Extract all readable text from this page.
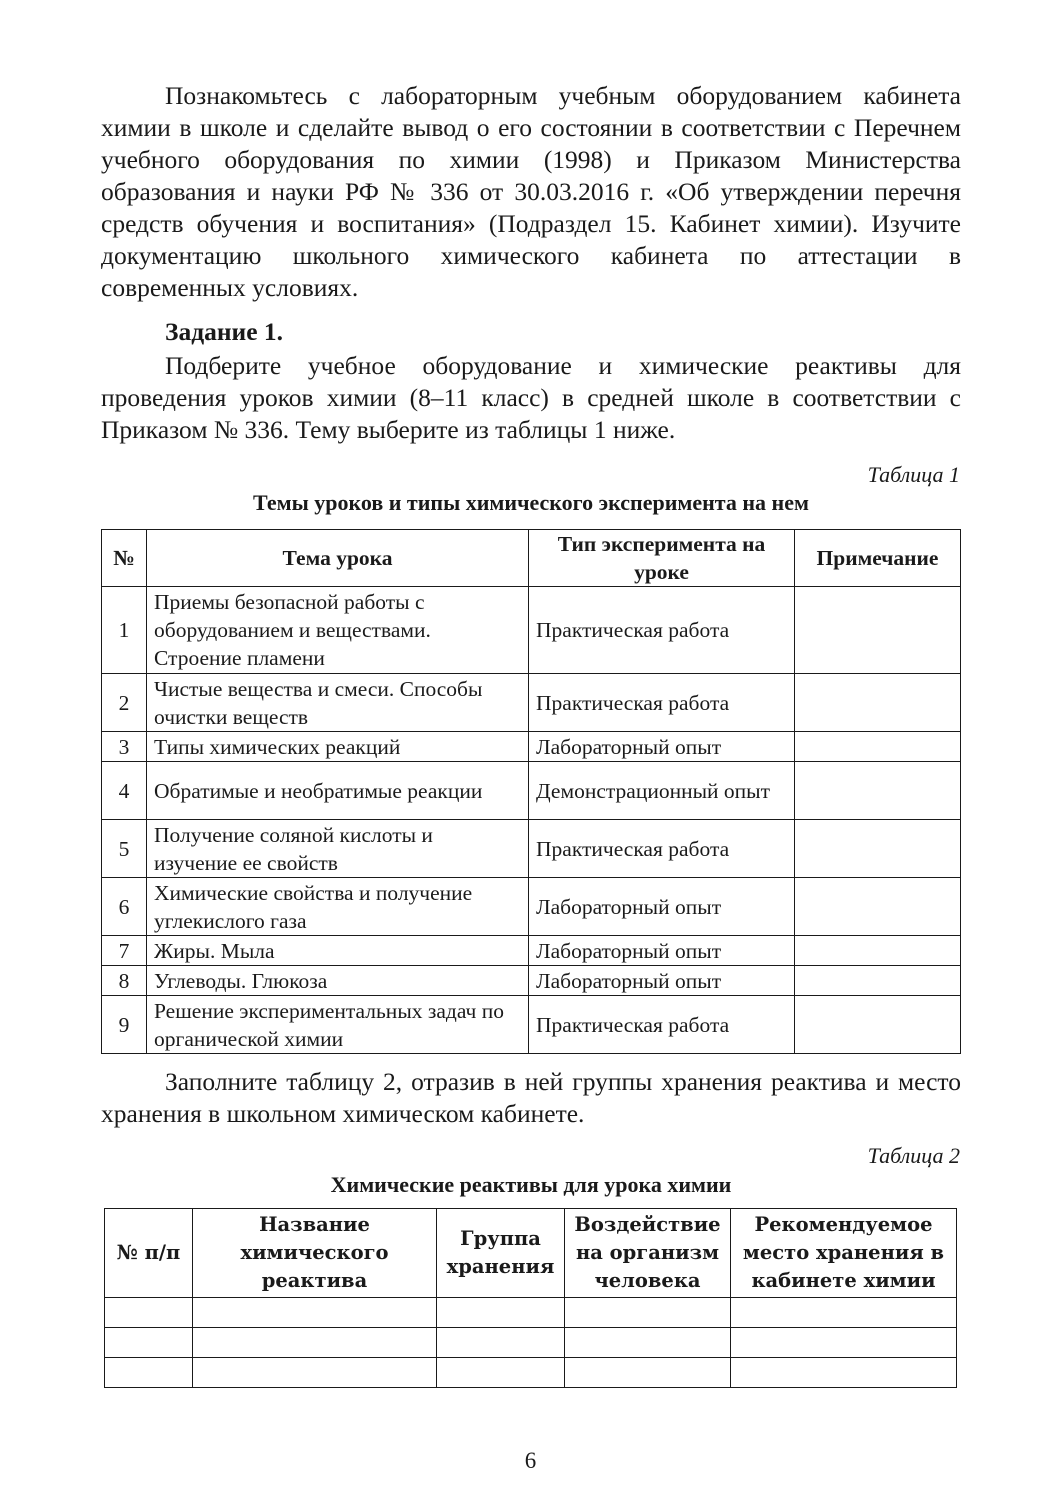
Познакомьтесь с лабораторным учебным оборудованием кабинета химии в школе и сделайте вывод о его состоянии в соответствии с Перечнем учебного оборудования по химии (1998) и Приказом Министерства образования и науки РФ № 336 от 30.03.2016 г. «Об утверждении перечня средств обучения и воспитания» (Подраздел 15. Кабинет химии). Изучите документацию школьного химического кабинета по аттестации в современных условиях.
Задание 1.
Подберите учебное оборудование и химические реактивы для проведения уроков химии (8–11 класс) в средней школе в соответствии с Приказом № 336. Тему выберите из таблицы 1 ниже.
Таблица 1
Темы уроков и типы химического эксперимента на нем
№	Тема урока	Тип эксперимента на уроке	Примечание
1	Приемы безопасной работы с оборудованием и веществами. Строение пламени	Практическая работа	
2	Чистые вещества и смеси. Способы очистки веществ	Практическая работа	
3	Типы химических реакций	Лабораторный опыт	
4	Обратимые и необратимые реакции	Демонстрационный опыт	
5	Получение соляной кислоты и изучение ее свойств	Практическая работа	
6	Химические свойства и получение углекислого газа	Лабораторный опыт	
7	Жиры. Мыла	Лабораторный опыт	
8	Углеводы. Глюкоза	Лабораторный опыт	
9	Решение экспериментальных задач по органической химии	Практическая работа	
Заполните таблицу 2, отразив в ней группы хранения реактива и место хранения в школьном химическом кабинете.
Таблица 2
Химические реактивы для урока химии
№ п/п	Название химического реактива	Группа хранения	Воздействие на организм человека	Рекомендуемое место хранения в кабинете химии

6
